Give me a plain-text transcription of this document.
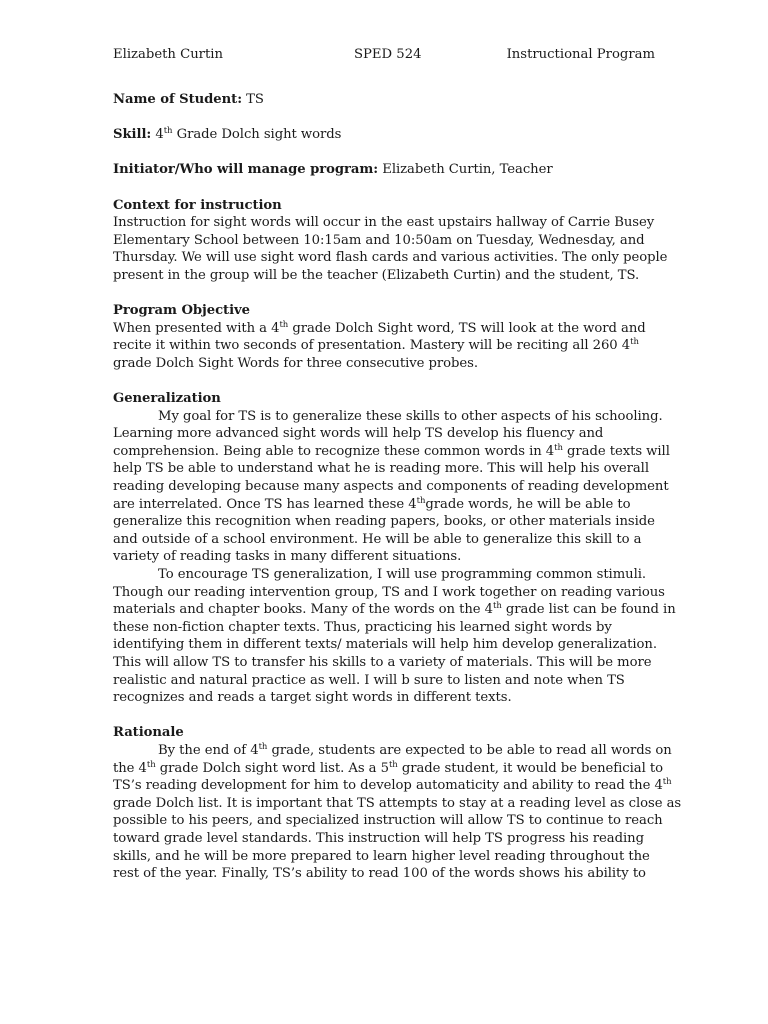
Elizabeth Curtin	SPED 524	Instructional Program
Name of Student: TS
Skill: 4th Grade Dolch sight words
Initiator/Who will manage program: Elizabeth Curtin, Teacher
Context for instruction
Instruction for sight words will occur in the east upstairs hallway of Carrie Busey
Elementary School between 10:15am and 10:50am on Tuesday, Wednesday, and
Thursday. We will use sight word flash cards and various activities. The only people
present in the group will be the teacher (Elizabeth Curtin) and the student, TS.
Program Objective
When presented with a 4th grade Dolch Sight word, TS will look at the word and
recite it within two seconds of presentation. Mastery will be reciting all 260 4th
grade Dolch Sight Words for three consecutive probes.
Generalization
My goal for TS is to generalize these skills to other aspects of his schooling.
Learning more advanced sight words will help TS develop his fluency and
comprehension. Being able to recognize these common words in 4th grade texts will
help TS be able to understand what he is reading more. This will help his overall
reading developing because many aspects and components of reading development
are interrelated. Once TS has learned these 4thgrade words, he will be able to
generalize this recognition when reading papers, books, or other materials inside
and outside of a school environment. He will be able to generalize this skill to a
variety of reading tasks in many different situations.
To encourage TS generalization, I will use programming common stimuli.
Though our reading intervention group, TS and I work together on reading various
materials and chapter books. Many of the words on the 4th grade list can be found in
these non-fiction chapter texts. Thus, practicing his learned sight words by
identifying them in different texts/ materials will help him develop generalization.
This will allow TS to transfer his skills to a variety of materials. This will be more
realistic and natural practice as well. I will b sure to listen and note when TS
recognizes and reads a target sight words in different texts.
Rationale
By the end of 4th grade, students are expected to be able to read all words on
the 4th grade Dolch sight word list. As a 5th grade student, it would be beneficial to
TS’s reading development for him to develop automaticity and ability to read the 4th
grade Dolch list. It is important that TS attempts to stay at a reading level as close as
possible to his peers, and specialized instruction will allow TS to continue to reach
toward grade level standards. This instruction will help TS progress his reading
skills, and he will be more prepared to learn higher level reading throughout the
rest of the year. Finally, TS’s ability to read 100 of the words shows his ability to
